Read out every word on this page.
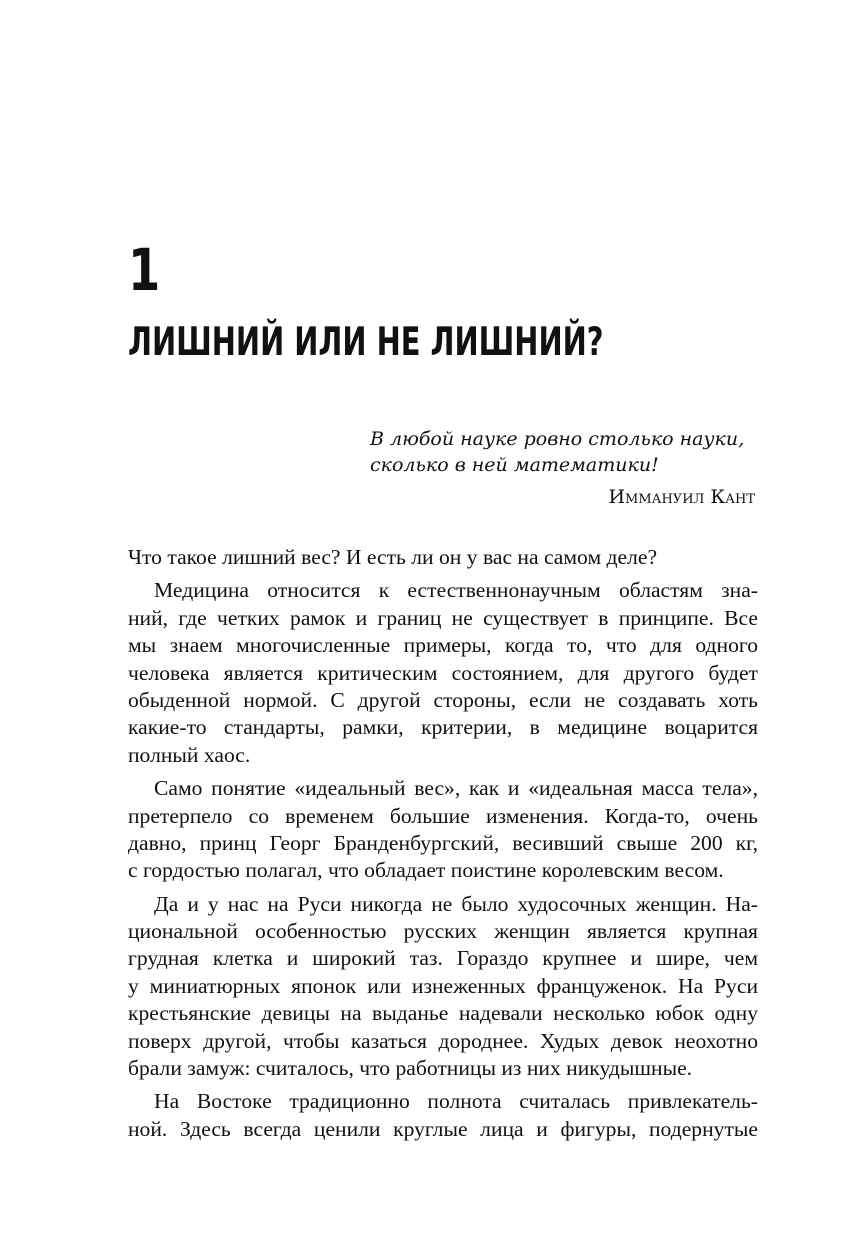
1
ЛИШНИЙ ИЛИ НЕ ЛИШНИЙ?
В любой науке ровно столько науки,
сколько в ней математики!
Иммануил Кант

Что такое лишний вес? И есть ли он у вас на самом деле?

Медицина относится к естественнонаучным областям зна-
ний, где четких рамок и границ не существует в принципе. Все
мы знаем многочисленные примеры, когда то, что для одного
человека является критическим состоянием, для другого будет
обыденной нормой. С другой стороны, если не создавать хоть
какие-то стандарты, рамки, критерии, в медицине воцарится
полный хаос.

Само понятие «идеальный вес», как и «идеальная масса тела»,
претерпело со временем большие изменения. Когда-то, очень
давно, принц Георг Бранденбургский, весивший свыше 200 кг,
с гордостью полагал, что обладает поистине королевским весом.

Да и у нас на Руси никогда не было худосочных женщин. На-
циональной особенностью русских женщин является крупная
грудная клетка и широкий таз. Гораздо крупнее и шире, чем
у миниатюрных японок или изнеженных француженок. На Руси
крестьянские девицы на выданье надевали несколько юбок одну
поверх другой, чтобы казаться дороднее. Худых девок неохотно
брали замуж: считалось, что работницы из них никудышные.

На Востоке традиционно полнота считалась привлекатель-
ной. Здесь всегда ценили круглые лица и фигуры, подернутые
